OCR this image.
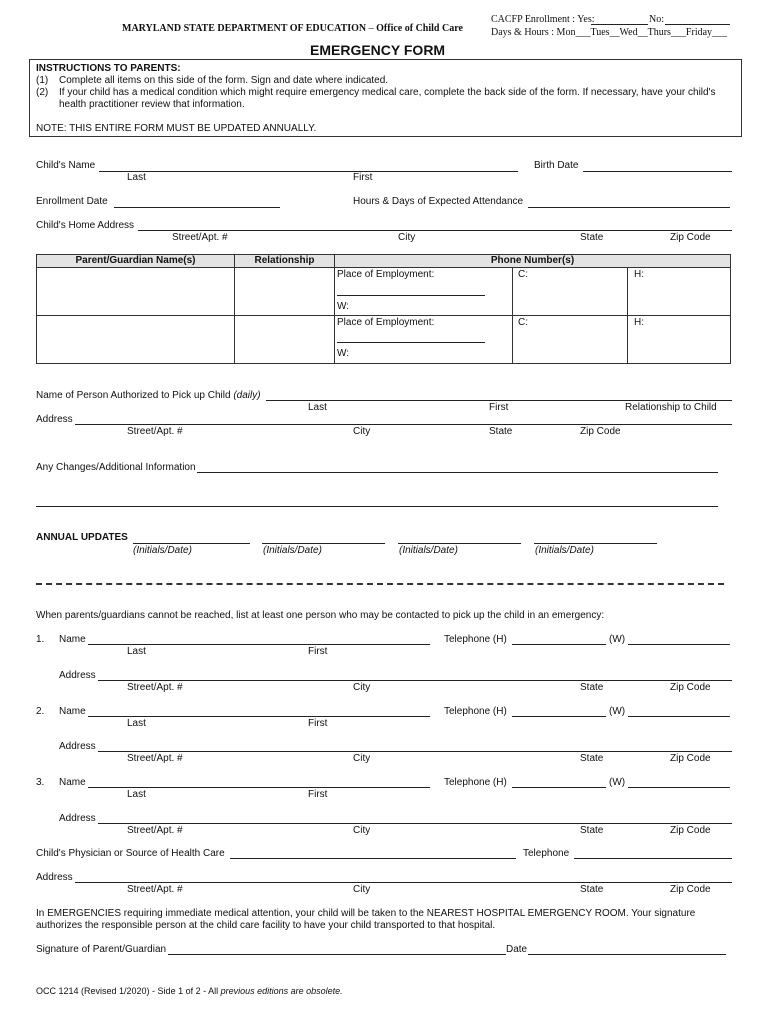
MARYLAND STATE DEPARTMENT OF EDUCATION – Office of Child Care
CACFP Enrollment : Yes:	No:
Days & Hours : Mon___Tues__Wed__Thurs___Friday___
EMERGENCY FORM
INSTRUCTIONS TO PARENTS:
(1) Complete all items on this side of the form. Sign and date where indicated.
(2) If your child has a medical condition which might require emergency medical care, complete the back side of the form. If necessary, have your child's
health practitioner review that information.
NOTE: THIS ENTIRE FORM MUST BE UPDATED ANNUALLY.
Child's Name
Last	First
Birth Date
Enrollment Date	Hours & Days of Expected Attendance
Child's Home Address
Street/Apt. #	City	State	Zip Code
Parent/Guardian Name(s)	Relationship	Phone Number(s)		

		Place of Employment:
W:	C:	H:

		Place of Employment:
W:	C:	H:
Name of Person Authorized to Pick up Child (daily)
Last	First	Relationship to Child
Address
Street/Apt. #	City	State	Zip Code
Any Changes/Additional Information
ANNUAL UPDATES
(Initials/Date)	(Initials/Date)	(Initials/Date)	(Initials/Date)
When parents/guardians cannot be reached, list at least one person who may be contacted to pick up the child in an emergency:
1. Name	Telephone (H)	(W)
Last	First
Address
Street/Apt. #	City	State	Zip Code
2. Name	Telephone (H)	(W)
Last	First
Address
Street/Apt. #	City	State	Zip Code
3. Name	Telephone (H)	(W)
Last	First
Address
Street/Apt. #	City	State	Zip Code
Child's Physician or Source of Health Care	Telephone
Address
Street/Apt. #	City	State	Zip Code
In EMERGENCIES requiring immediate medical attention, your child will be taken to the NEAREST HOSPITAL EMERGENCY ROOM. Your signature
authorizes the responsible person at the child care facility to have your child transported to that hospital.
Signature of Parent/Guardian	Date
OCC 1214 (Revised 1/2020) - Side 1 of 2 - All previous editions are obsolete.
